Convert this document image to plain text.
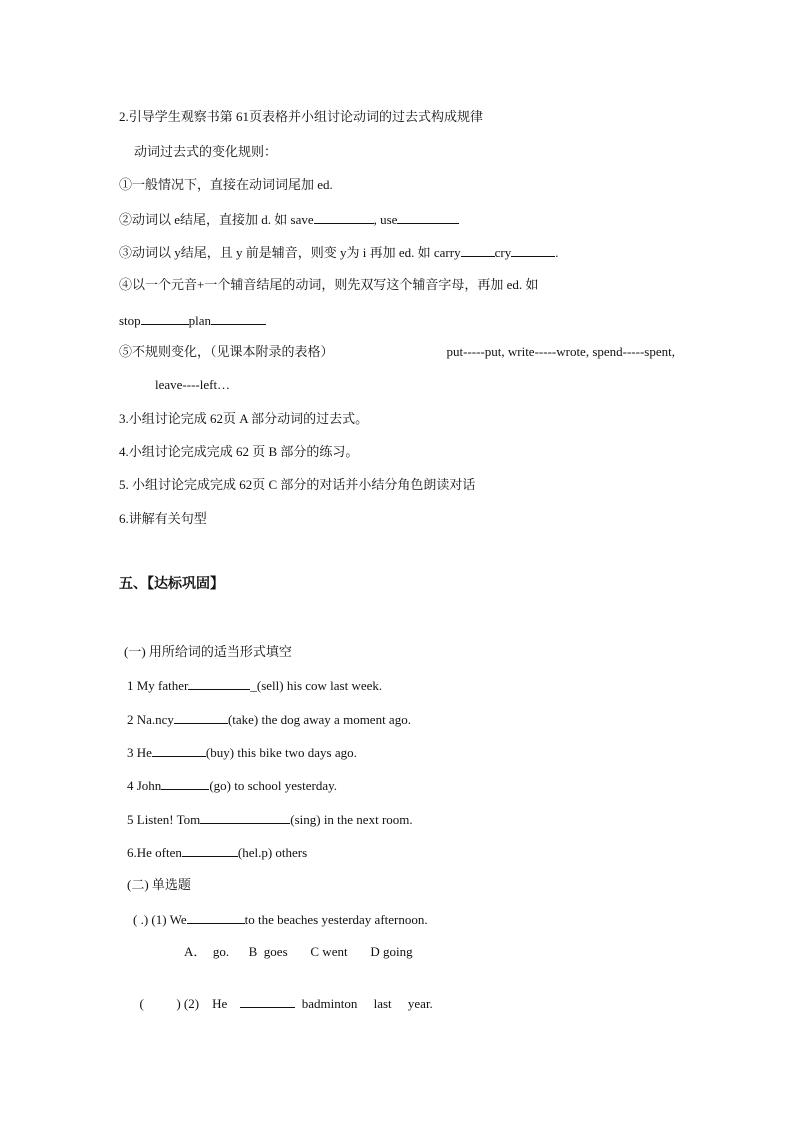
2.引导学生观察书第 61页表格并小组讨论动词的过去式构成规律
动词过去式的变化规则：
①一般情况下，直接在动词词尾加 ed.
②动词以 e结尾，直接加 d. 如 save	, use
③动词以 y结尾，且 y 前是辅音，则变 y为 i 再加 ed. 如 carry	cry	.
④以一个元音+一个辅音结尾的动词，则先双写这个辅音字母，再加 ed. 如
stop	plan
⑤不规则变化，（见课本附录的表格）	put-----put, write-----wrote, spend-----spent,
leave----left…
3.小组讨论完成 62页 A 部分动词的过去式。
4.小组讨论完成完成 62 页 B 部分的练习。
5. 小组讨论完成完成 62页 C 部分的对话并小结分角色朗读对话
6.讲解有关句型
五、【达标巩固】
(一) 用所给词的适当形式填空
1 My father	_(sell) his cow last week.
2 Na.ncy	(take) the dog away a moment ago.
3 He	(buy) this bike two days ago.
4 John	(go) to school yesterday.
5 Listen! Tom	(sing) in the next room.
6.He often	(hel.p) others
(二) 单选题
( .) (1) We	to the beaches yesterday afternoon.
A．  go.      B  goes       C went       D going

(          ) (2)    He	badminton     last     year.
